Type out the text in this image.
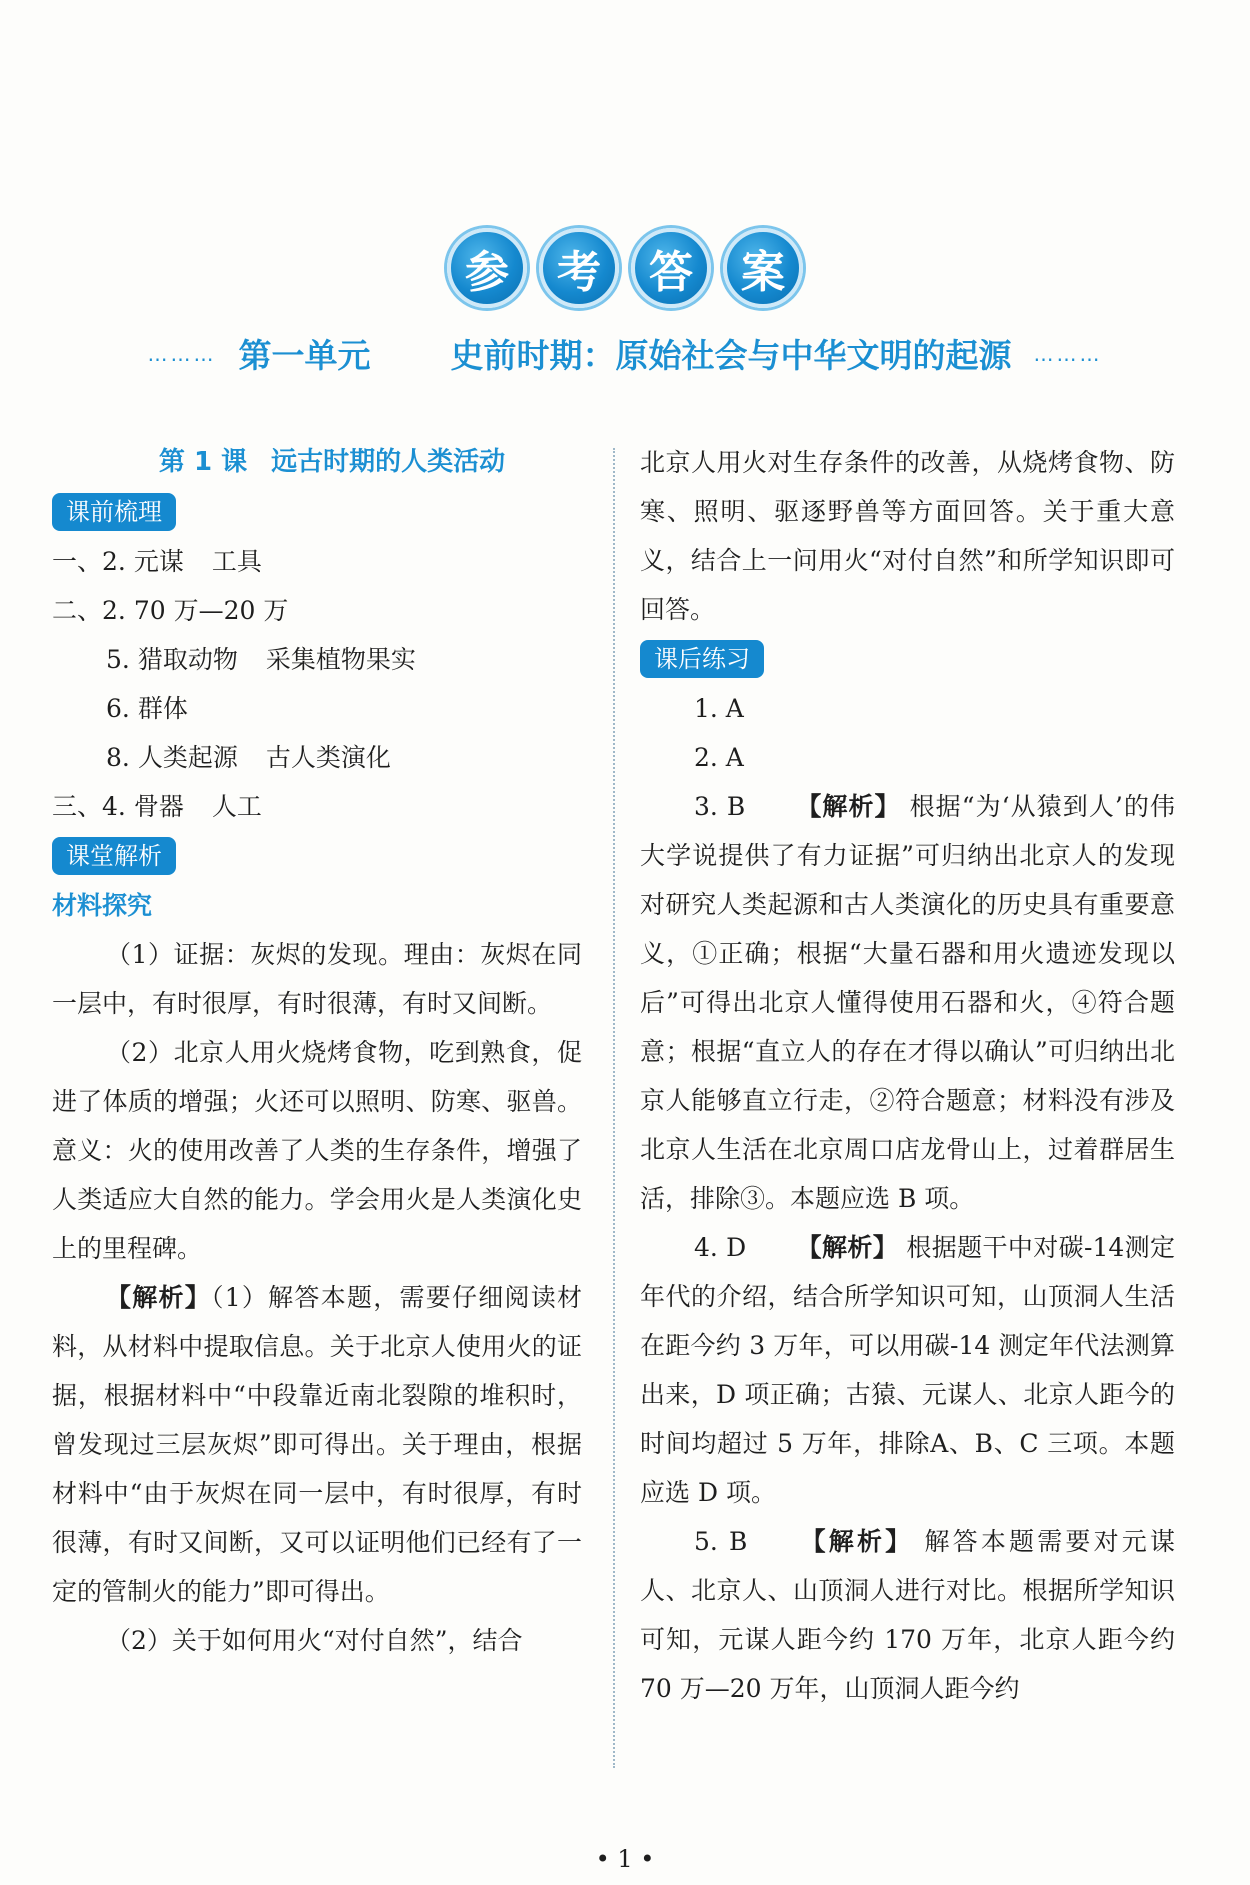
参	考	答	案
……… 第一单元 史前时期：原始社会与中华文明的起源 ………
第 1 课 远古时期的人类活动
课前梳理
一、2. 元谋 工具
二、2. 70 万—20 万
5. 猎取动物 采集植物果实
6. 群体
8. 人类起源 古人类演化
三、4. 骨器 人工
课堂解析
材料探究
（1）证据：灰烬的发现。理由：灰烬在同一层中，有时很厚，有时很薄，有时又间断。
（2）北京人用火烧烤食物，吃到熟食，促进了体质的增强；火还可以照明、防寒、驱兽。意义：火的使用改善了人类的生存条件，增强了人类适应大自然的能力。学会用火是人类演化史上的里程碑。
【解析】（1）解答本题，需要仔细阅读材料，从材料中提取信息。关于北京人使用火的证据，根据材料中“中段靠近南北裂隙的堆积时，曾发现过三层灰烬”即可得出。关于理由，根据材料中“由于灰烬在同一层中，有时很厚，有时很薄，有时又间断，又可以证明他们已经有了一定的管制火的能力”即可得出。
（2）关于如何用火“对付自然”，结合
北京人用火对生存条件的改善，从烧烤食物、防寒、照明、驱逐野兽等方面回答。关于重大意义，结合上一问用火“对付自然”和所学知识即可回答。
课后练习
1. A
2. A
3. B 【解析】 根据“为‘从猿到人’的伟大学说提供了有力证据”可归纳出北京人的发现对研究人类起源和古人类演化的历史具有重要意义，①正确；根据“大量石器和用火遗迹发现以后”可得出北京人懂得使用石器和火，④符合题意；根据“直立人的存在才得以确认”可归纳出北京人能够直立行走，②符合题意；材料没有涉及北京人生活在北京周口店龙骨山上，过着群居生活，排除③。本题应选 B 项。
4. D 【解析】 根据题干中对碳-14测定年代的介绍，结合所学知识可知，山顶洞人生活在距今约 3 万年，可以用碳-14 测定年代法测算出来，D 项正确；古猿、元谋人、北京人距今的时间均超过 5 万年，排除A、B、C 三项。本题应选 D 项。
5. B 【解析】 解答本题需要对元谋人、北京人、山顶洞人进行对比。根据所学知识可知，元谋人距今约 170 万年，北京人距今约 70 万—20 万年，山顶洞人距今约
• 1 •
